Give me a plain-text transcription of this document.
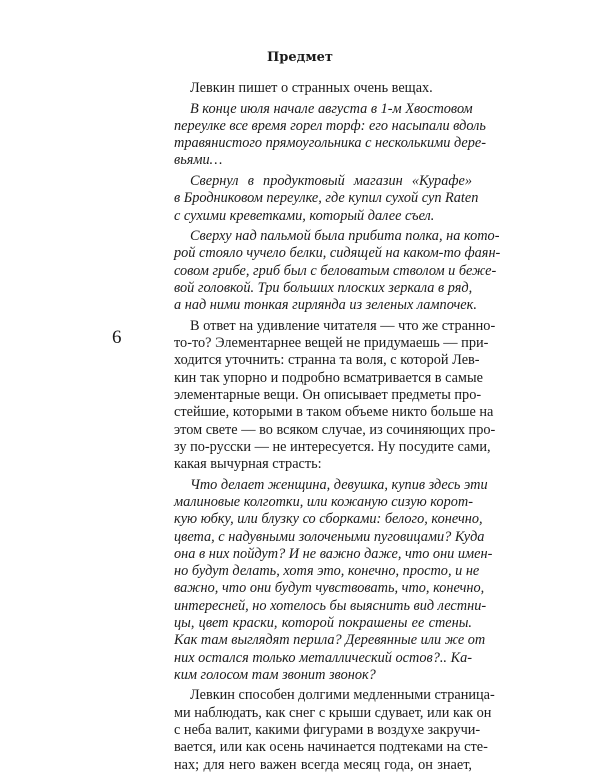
Предмет
6
Левкин пишет о странных очень вещах.
В конце июля начале августа в 1-м Хвостовом
переулке все время горел торф: его насыпали вдоль
травянистого прямоугольника с несколькими дере-
вьями…
Свернул в продуктовый магазин «Курафе»
в Бродниковом переулке, где купил сухой суп Ratеп
с сухими креветками, который далее съел.
Сверху над пальмой была прибита полка, на кото-
рой стояло чучело белки, сидящей на каком-то фаян-
совом грибе, гриб был с беловатым стволом и беже-
вой головкой. Три больших плоских зеркала в ряд,
а над ними тонкая гирлянда из зеленых лампочек.
В ответ на удивление читателя — что же странно-
то-то? Элементарнее вещей не придумаешь — при-
ходится уточнить: странна та воля, с которой Лев-
кин так упорно и подробно всматривается в самые
элементарные вещи. Он описывает предметы про-
стейшие, которыми в таком объеме никто больше на
этом свете — во всяком случае, из сочиняющих про-
зу по-русски — не интересуется. Ну посудите сами,
какая вычурная страсть:
Что делает женщина, девушка, купив здесь эти
малиновые колготки, или кожаную сизую корот-
кую юбку, или блузку со сборками: белого, конечно,
цвета, с надувными золочеными пуговицами? Куда
она в них пойдут? И не важно даже, что они имен-
но будут делать, хотя это, конечно, просто, и не
важно, что они будут чувствовать, что, конечно,
интересней, но хотелось бы выяснить вид лестни-
цы, цвет краски, которой покрашены ее стены.
Как там выглядят перила? Деревянные или же от
них остался только металлический остов?.. Ка-
ким голосом там звонит звонок?
Левкин способен долгими медленными страница-
ми наблюдать, как снег с крыши сдувает, или как он
с неба валит, какими фигурами в воздухе закручи-
вается, или как осень начинается подтеками на сте-
нах; для него важен всегда месяц года, он знает,
